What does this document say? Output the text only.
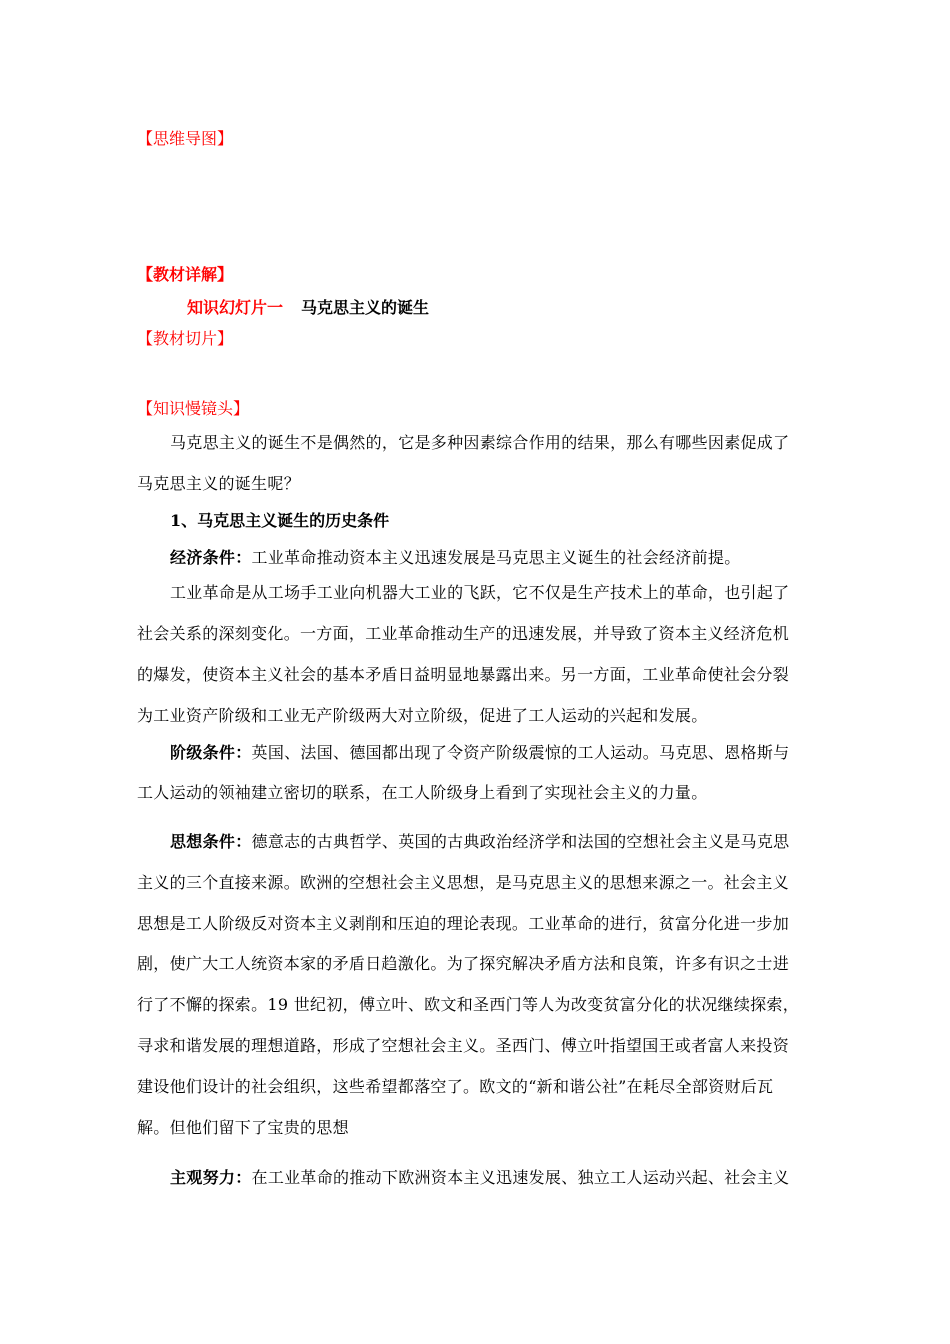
【思维导图】
【教材详解】
知识幻灯片一 马克思主义的诞生
【教材切片】
【知识慢镜头】
马克思主义的诞生不是偶然的，它是多种因素综合作用的结果，那么有哪些因素促成了
马克思主义的诞生呢？
1、马克思主义诞生的历史条件
经济条件：工业革命推动资本主义迅速发展是马克思主义诞生的社会经济前提。
工业革命是从工场手工业向机器大工业的飞跃，它不仅是生产技术上的革命，也引起了
社会关系的深刻变化。一方面，工业革命推动生产的迅速发展，并导致了资本主义经济危机
的爆发，使资本主义社会的基本矛盾日益明显地暴露出来。另一方面，工业革命使社会分裂
为工业资产阶级和工业无产阶级两大对立阶级，促进了工人运动的兴起和发展。
阶级条件：英国、法国、德国都出现了令资产阶级震惊的工人运动。马克思、恩格斯与
工人运动的领袖建立密切的联系，在工人阶级身上看到了实现社会主义的力量。
思想条件：德意志的古典哲学、英国的古典政治经济学和法国的空想社会主义是马克思
主义的三个直接来源。欧洲的空想社会主义思想，是马克思主义的思想来源之一。社会主义
思想是工人阶级反对资本主义剥削和压迫的理论表现。工业革命的进行，贫富分化进一步加
剧，使广大工人统资本家的矛盾日趋激化。为了探究解决矛盾方法和良策，许多有识之士进
行了不懈的探索。19 世纪初，傅立叶、欧文和圣西门等人为改变贫富分化的状况继续探索，
寻求和谐发展的理想道路，形成了空想社会主义。圣西门、傅立叶指望国王或者富人来投资
建设他们设计的社会组织，这些希望都落空了。欧文的“新和谐公社”在耗尽全部资财后瓦
解。但他们留下了宝贵的思想
主观努力：在工业革命的推动下欧洲资本主义迅速发展、独立工人运动兴起、社会主义
